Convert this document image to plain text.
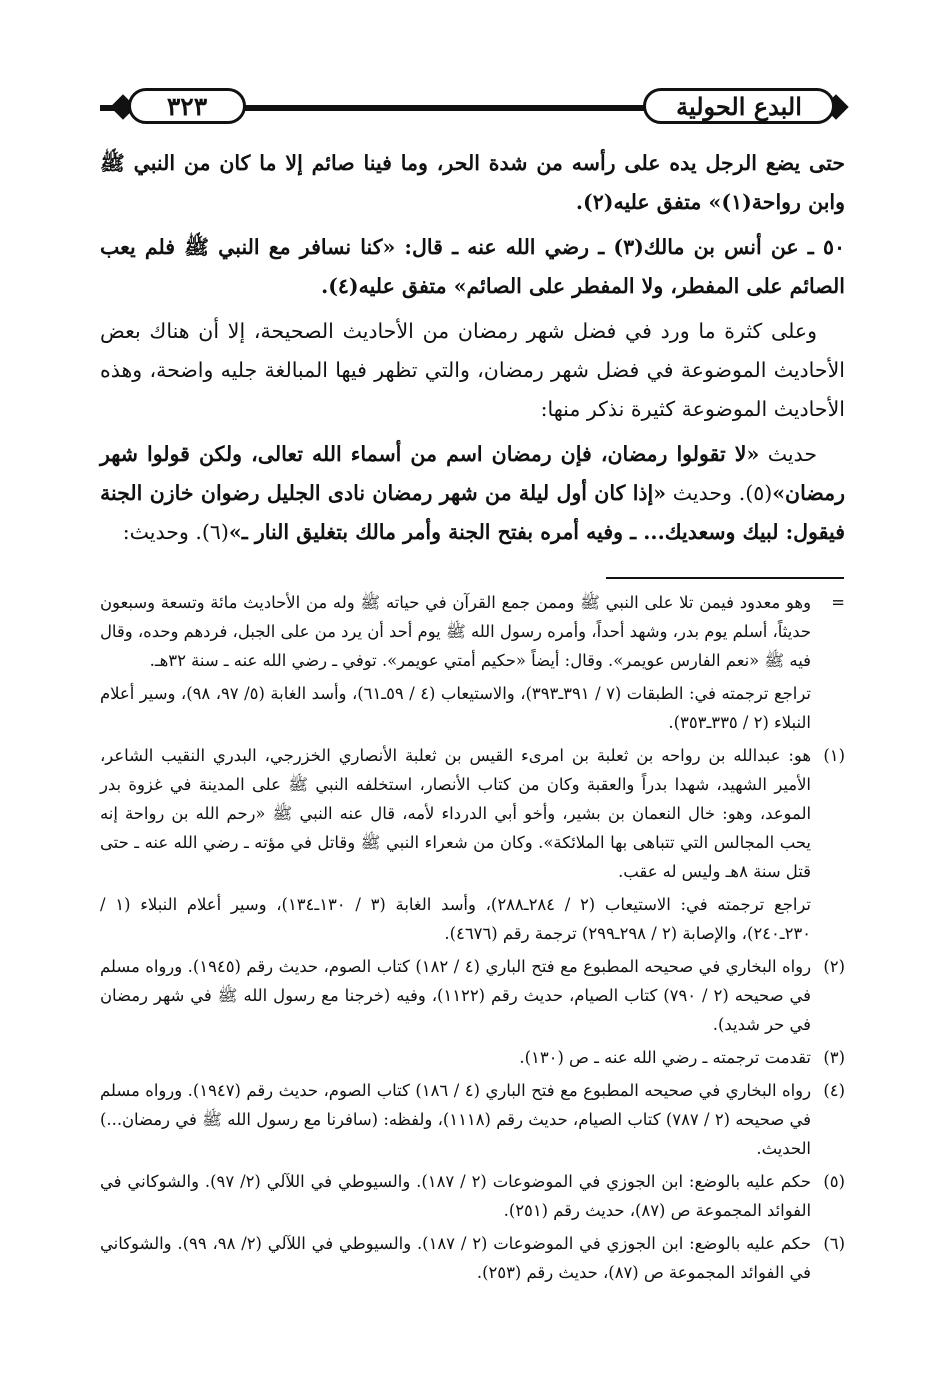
البدع الحولية
٣٢٣

حتى يضع الرجل يده على رأسه من شدة الحر، وما فينا صائم إلا ما كان من النبي ﷺ وابن رواحة(١)» متفق عليه(٢).

٥٠ ـ عن أنس بن مالك(٣) ـ رضي الله عنه ـ قال: «كنا نسافر مع النبي ﷺ فلم يعب الصائم على المفطر، ولا المفطر على الصائم» متفق عليه(٤).

وعلى كثرة ما ورد في فضل شهر رمضان من الأحاديث الصحيحة، إلا أن هناك بعض الأحاديث الموضوعة في فضل شهر رمضان، والتي تظهر فيها المبالغة جليه واضحة، وهذه الأحاديث الموضوعة كثيرة نذكر منها:

حديث «لا تقولوا رمضان، فإن رمضان اسم من أسماء الله تعالى، ولكن قولوا شهر رمضان»(٥). وحديث «إذا كان أول ليلة من شهر رمضان نادى الجليل رضوان خازن الجنة فيقول: لبيك وسعديك... ـ وفيه أمره بفتح الجنة وأمر مالك بتغليق النار ـ»(٦). وحديث:

=
وهو معدود فيمن تلا على النبي ﷺ وممن جمع القرآن في حياته ﷺ وله من الأحاديث مائة وتسعة وسبعون حديثاً، أسلم يوم بدر، وشهد أحداً، وأمره رسول الله ﷺ يوم أحد أن يرد من على الجبل، فردهم وحده، وقال فيه ﷺ «نعم الفارس عويمر». وقال: أيضاً «حكيم أمتي عويمر». توفي ـ رضي الله عنه ـ سنة ٣٢هـ.

تراجع ترجمته في: الطبقات (٧ / ٣٩١ـ٣٩٣)، والاستيعاب (٤ / ٥٩ـ٦١)، وأسد الغابة (٥/ ٩٧، ٩٨)، وسير أعلام النبلاء (٢ / ٣٣٥ـ٣٥٣).

(١)
هو: عبدالله بن رواحه بن ثعلبة بن امرىء القيس بن ثعلبة الأنصاري الخزرجي، البدري النقيب الشاعر، الأمير الشهيد، شهدا بدراً والعقبة وكان من كتاب الأنصار، استخلفه النبي ﷺ على المدينة في غزوة بدر الموعد، وهو: خال النعمان بن بشير، وأخو أبي الدرداء لأمه، قال عنه النبي ﷺ «رحم الله بن رواحة إنه يحب المجالس التي تتباهى بها الملائكة». وكان من شعراء النبي ﷺ وقاتل في مؤته ـ رضي الله عنه ـ حتى قتل سنة ٨هـ وليس له عقب.

تراجع ترجمته في: الاستيعاب (٢ / ٢٨٤ـ٢٨٨)، وأسد الغابة (٣ / ١٣٠ـ١٣٤)، وسير أعلام النبلاء (١ / ٢٣٠ـ٢٤٠)، والإصابة (٢ / ٢٩٨ـ٢٩٩) ترجمة رقم (٤٦٧٦).

(٢)
رواه البخاري في صحيحه المطبوع مع فتح الباري (٤ / ١٨٢) كتاب الصوم، حديث رقم (١٩٤٥). ورواه مسلم في صحيحه (٢ / ٧٩٠) كتاب الصيام، حديث رقم (١١٢٢)، وفيه (خرجنا مع رسول الله ﷺ في شهر رمضان في حر شديد).
(٣)
تقدمت ترجمته ـ رضي الله عنه ـ ص (١٣٠).
(٤)
رواه البخاري في صحيحه المطبوع مع فتح الباري (٤ / ١٨٦) كتاب الصوم، حديث رقم (١٩٤٧). ورواه مسلم في صحيحه (٢ / ٧٨٧) كتاب الصيام، حديث رقم (١١١٨)، ولفظه: (سافرنا مع رسول الله ﷺ في رمضان...) الحديث.
(٥)
حكم عليه بالوضع: ابن الجوزي في الموضوعات (٢ / ١٨٧). والسيوطي في اللآلي (٢/ ٩٧). والشوكاني في الفوائد المجموعة ص (٨٧)، حديث رقم (٢٥١).
(٦)
حكم عليه بالوضع: ابن الجوزي في الموضوعات (٢ / ١٨٧). والسيوطي في اللآلي (٢/ ٩٨، ٩٩). والشوكاني في الفوائد المجموعة ص (٨٧)، حديث رقم (٢٥٣).
